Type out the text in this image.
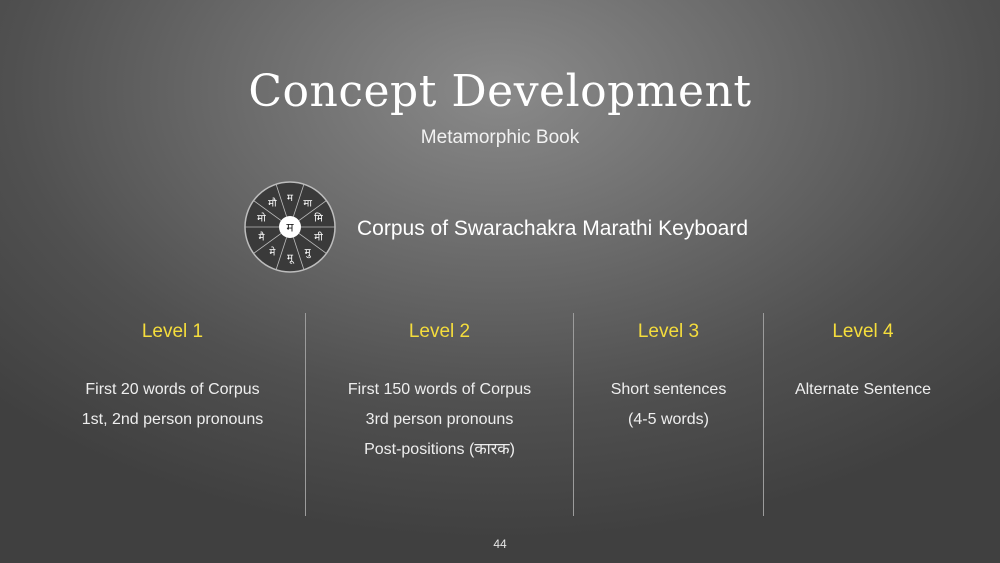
Concept Development
Metamorphic Book
म
मा
मि
मी
मु
मू
मे
मै
मो
मौ
म	Corpus of Swarachakra Marathi Keyboard
Level 1
First 20 words of Corpus
1st, 2nd person pronouns
Level 2
First 150 words of Corpus
3rd person pronouns
Post-positions (कारक)
Level 3
Short sentences
(4-5 words)
Level 4
Alternate Sentence
44
